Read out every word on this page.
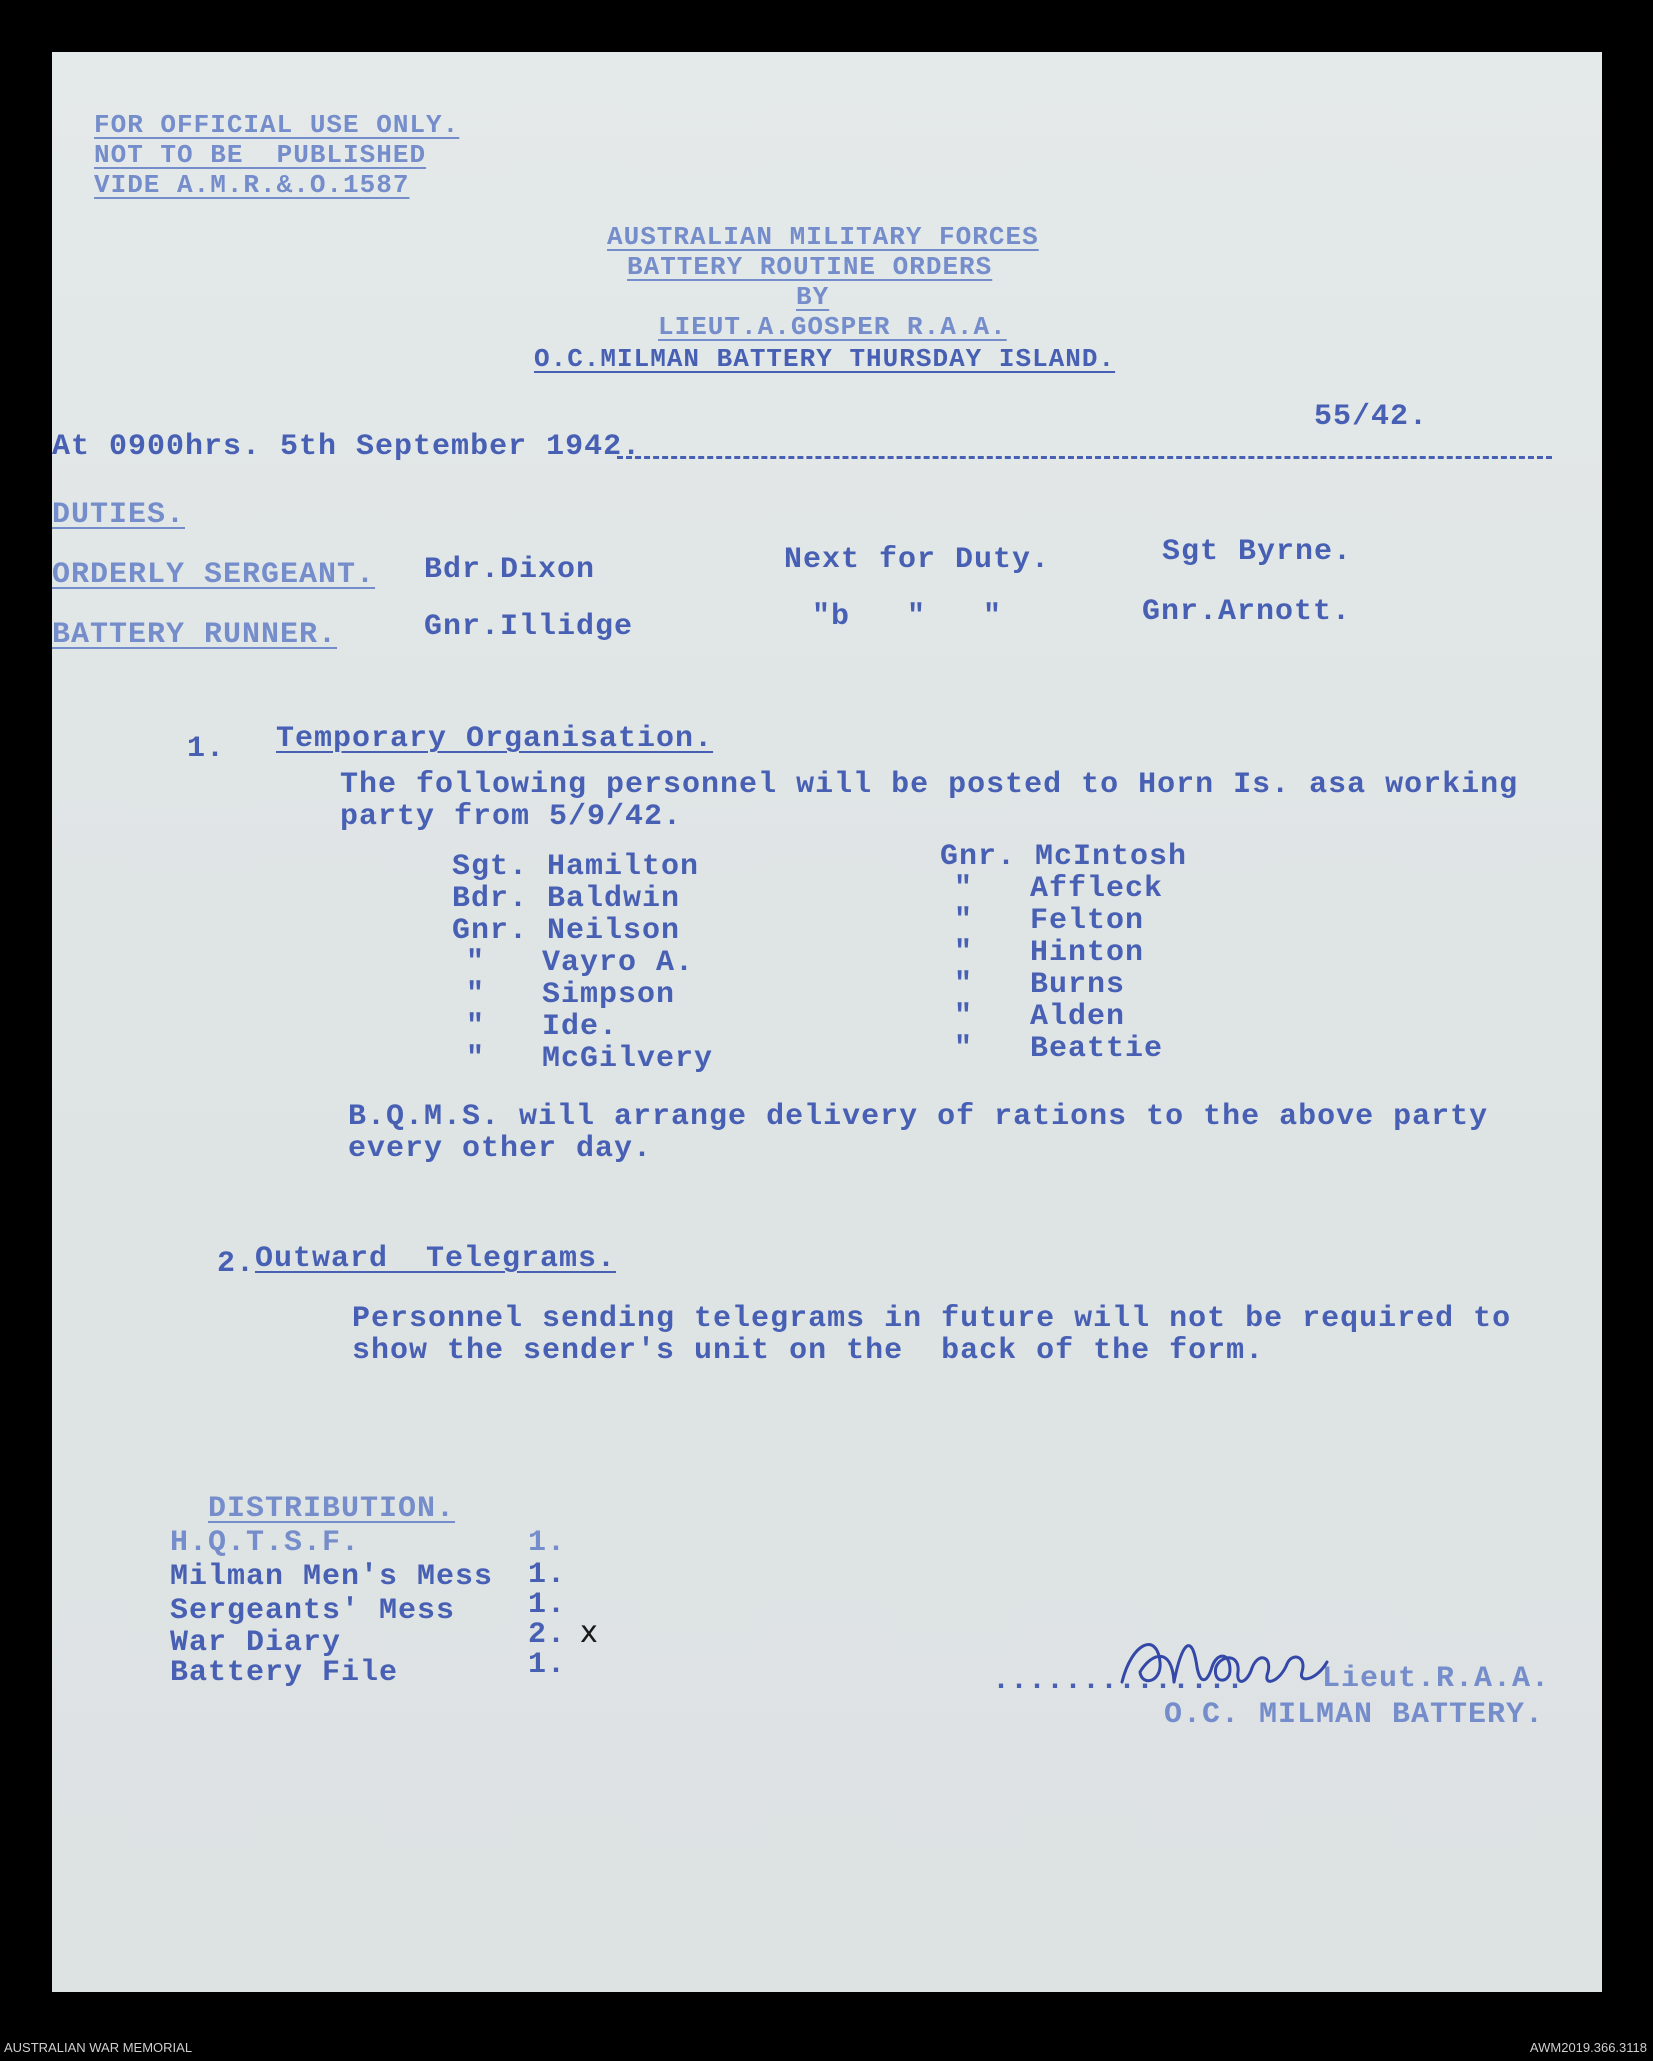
FOR OFFICIAL USE ONLY.
NOT TO BE  PUBLISHED
VIDE A.M.R.&.O.1587
AUSTRALIAN MILITARY FORCES
BATTERY ROUTINE ORDERS
BY
LIEUT.A.GOSPER R.A.A.
O.C.MILMAN BATTERY THURSDAY ISLAND.
At 0900hrs. 5th September 1942.
55/42.
DUTIES.
ORDERLY SERGEANT. Bdr.Dixon	Next for Duty.	Sgt Byrne.
BATTERY RUNNER.	Gnr.Illidge	"b   "   "	Gnr.Arnott.
1. Temporary Organisation.
The following personnel will be posted to Horn Is. asa working
party from 5/9/42.
Sgt. Hamilton
Bdr. Baldwin
Gnr. Neilson
"   Vayro A.
"   Simpson
"   Ide.
"   McGilvery
Gnr. McIntosh
"   Affleck
"   Felton
"   Hinton
"   Burns
"   Alden
"   Beattie
B.Q.M.S. will arrange delivery of rations to the above party
every other day.
2. Outward  Telegrams.
Personnel sending telegrams in future will not be required to
show the sender's unit on the  back of the form.
DISTRIBUTION.
H.Q.T.S.F.	1.
Milman Men's Mess 1.
Sergeants' Mess 1.
War Diary	2.
Battery File	1.
x
..............	Lieut.R.A.A.
O.C. MILMAN BATTERY.
AUSTRALIAN WAR MEMORIAL	AWM2019.366.3118
